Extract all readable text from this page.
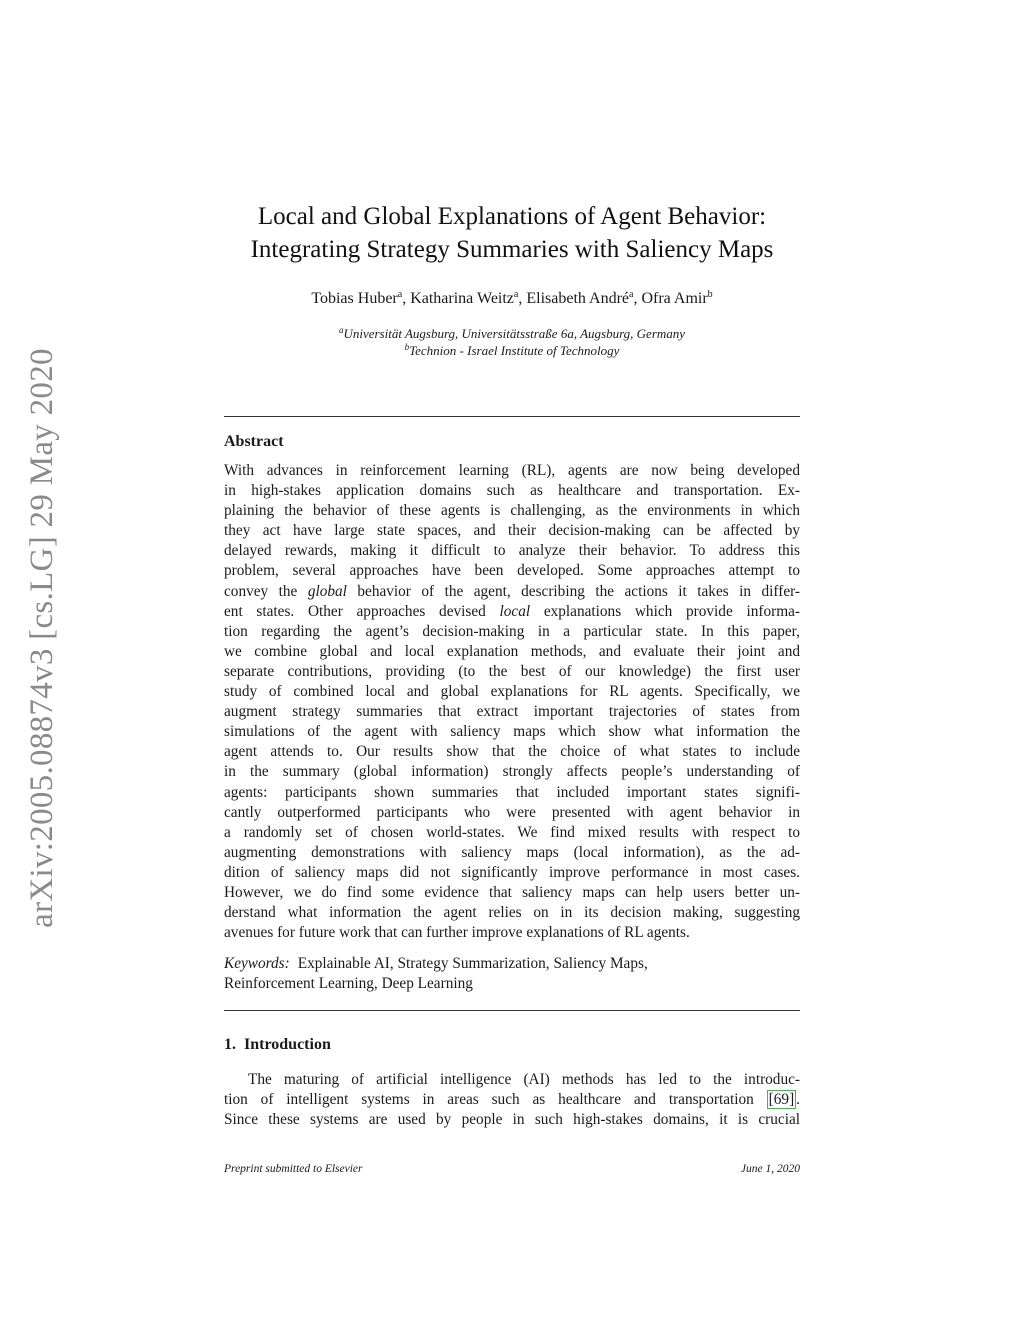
arXiv:2005.08874v3 [cs.LG] 29 May 2020
Local and Global Explanations of Agent Behavior:
Integrating Strategy Summaries with Saliency Maps
Tobias Huber$^a$, Katharina Weitz$^a$, Elisabeth André$^a$, Ofra Amir$^b$
$^a$Universität Augsburg, Universitätsstraße 6a, Augsburg, Germany
$^b$Technion - Israel Institute of Technology
Abstract
With advances in reinforcement learning (RL), agents are now being developed
in high-stakes application domains such as healthcare and transportation. Ex-
plaining the behavior of these agents is challenging, as the environments in which
they act have large state spaces, and their decision-making can be affected by
delayed rewards, making it difficult to analyze their behavior. To address this
problem, several approaches have been developed. Some approaches attempt to
convey the global behavior of the agent, describing the actions it takes in differ-
ent states. Other approaches devised local explanations which provide informa-
tion regarding the agent’s decision-making in a particular state. In this paper,
we combine global and local explanation methods, and evaluate their joint and
separate contributions, providing (to the best of our knowledge) the first user
study of combined local and global explanations for RL agents. Specifically, we
augment strategy summaries that extract important trajectories of states from
simulations of the agent with saliency maps which show what information the
agent attends to. Our results show that the choice of what states to include
in the summary (global information) strongly affects people’s understanding of
agents: participants shown summaries that included important states signifi-
cantly outperformed participants who were presented with agent behavior in
a randomly set of chosen world-states. We find mixed results with respect to
augmenting demonstrations with saliency maps (local information), as the ad-
dition of saliency maps did not significantly improve performance in most cases.
However, we do find some evidence that saliency maps can help users better un-
derstand what information the agent relies on in its decision making, suggesting
avenues for future work that can further improve explanations of RL agents.
Keywords: Explainable AI, Strategy Summarization, Saliency Maps,
Reinforcement Learning, Deep Learning
1. Introduction
The maturing of artificial intelligence (AI) methods has led to the introduc-
tion of intelligent systems in areas such as healthcare and transportation [69] .
Since these systems are used by people in such high-stakes domains, it is crucial
Preprint submitted to Elsevier	June 1, 2020
